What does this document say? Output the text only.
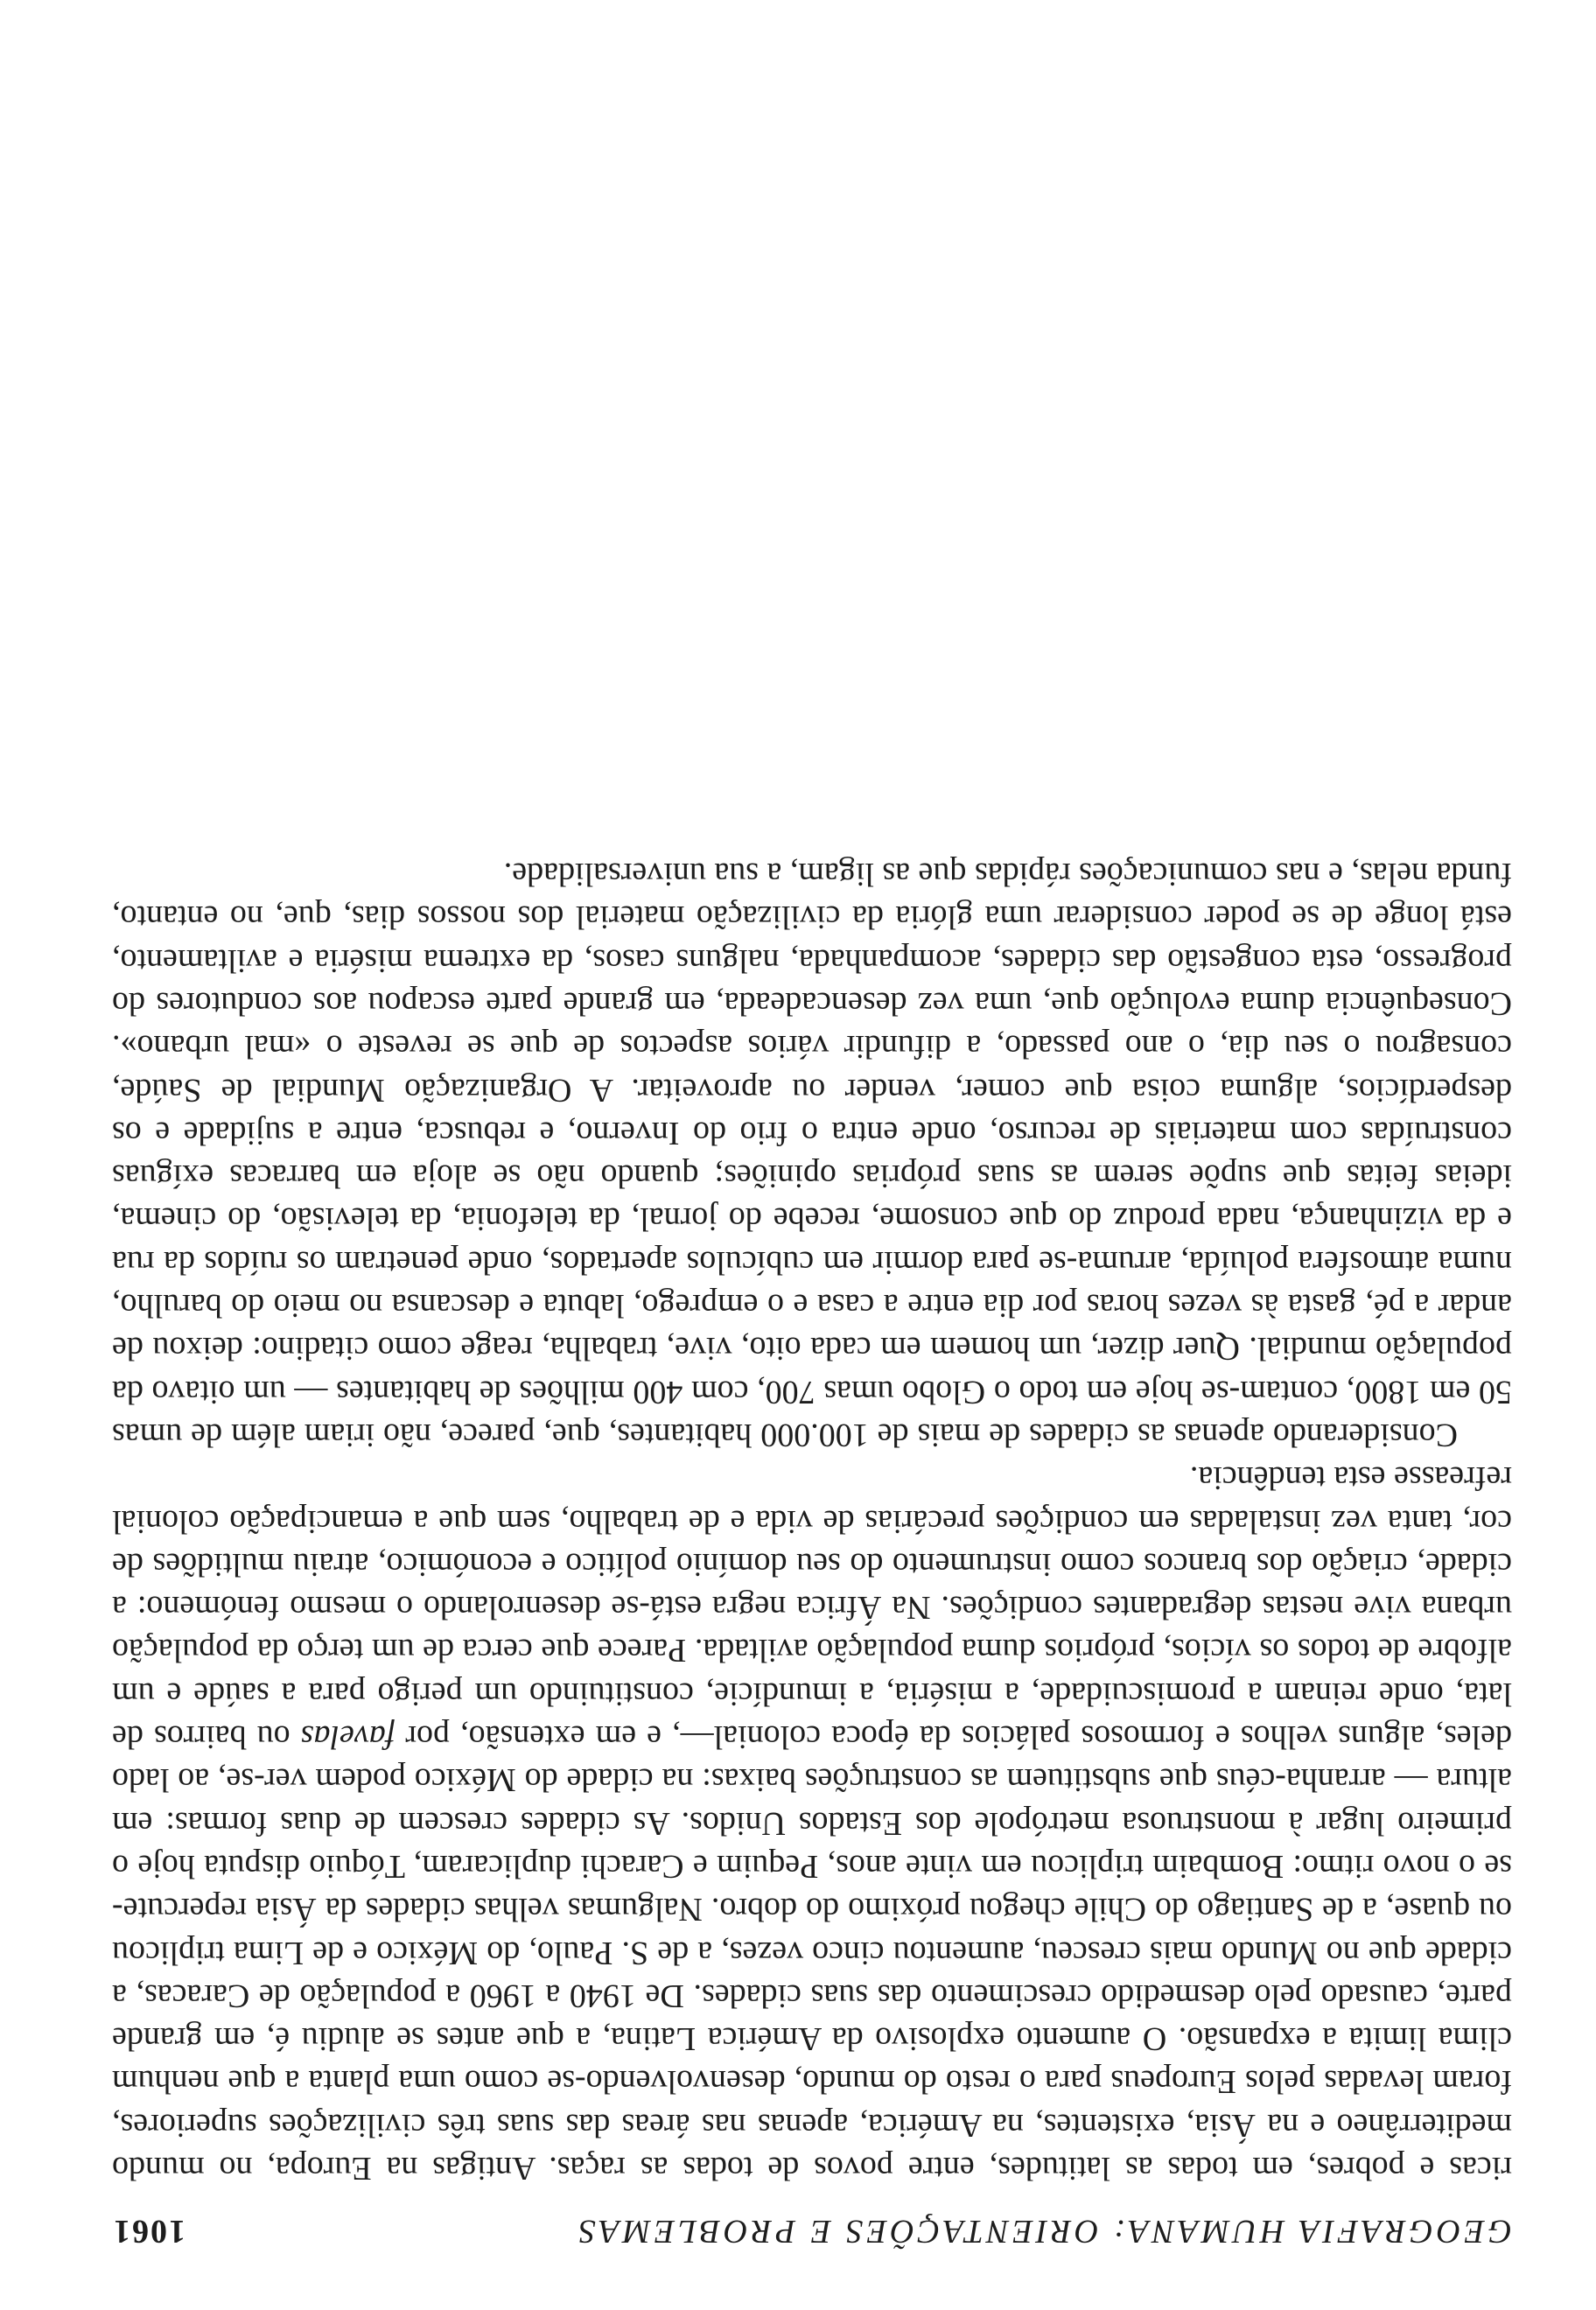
GEOGRAFIA HUMANA: ORIENTAÇÕES E PROBLEMAS
1061

ricas e pobres, em todas as latitudes, entre povos de todas as raças. Antigas na Europa, no mundo mediterrâneo e na Ásia, existentes, na América, apenas nas áreas das suas três civilizações superiores, foram levadas pelos Europeus para o resto do mundo, desenvolvendo-se como uma planta a que nenhum clima limita a expansão. O aumento explosivo da América Latina, a que antes se aludiu é, em grande parte, causado pelo desmedido crescimento das suas cidades. De 1940 a 1960 a população de Caracas, a cidade que no Mundo mais cresceu, aumentou cinco vezes, a de S. Paulo, do México e de Lima triplicou ou quase, a de Santiago do Chile chegou próximo do dobro. Nalgumas velhas cidades da Ásia repercute-se o novo ritmo: Bombaim triplicou em vinte anos, Pequim e Carachi duplicaram, Tóquio disputa hoje o primeiro lugar à monstruosa metrópole dos Estados Unidos. As cidades crescem de duas formas: em altura — arranha-céus que substituem as construções baixas: na cidade do México podem ver-se, ao lado deles, alguns velhos e formosos palácios da época colonial—, e em extensão, por favelas ou bairros de lata, onde reinam a promiscuidade, a miséria, a imundície, constituindo um perigo para a saúde e um alfobre de todos os vícios, próprios duma população aviltada. Parece que cerca de um terço da população urbana vive nestas degradantes condições. Na África negra está-se desenrolando o mesmo fenómeno: a cidade, criação dos brancos como instrumento do seu domínio político e económico, atraiu multidões de cor, tanta vez instaladas em condições precárias de vida e de trabalho, sem que a emancipação colonial refreasse esta tendência.

Considerando apenas as cidades de mais de 100.000 habitantes, que, parece, não iriam além de umas 50 em 1800, contam-se hoje em todo o Globo umas 700, com 400 milhões de habitantes — um oitavo da população mundial. Quer dizer, um homem em cada oito, vive, trabalha, reage como citadino: deixou de andar a pé, gasta às vezes horas por dia entre a casa e o emprego, labuta e descansa no meio do barulho, numa atmosfera poluída, arruma-se para dormir em cubículos apertados, onde penetram os ruídos da rua e da vizinhança, nada produz do que consome, recebe do jornal, da telefonia, da televisão, do cinema, ideias feitas que supõe serem as suas próprias opiniões; quando não se aloja em barracas exíguas construídas com materiais de recurso, onde entra o frio do Inverno, e rebusca, entre a sujidade e os desperdícios, alguma coisa que comer, vender ou aproveitar. A Organização Mundial de Saúde, consagrou o seu dia, o ano passado, a difundir vários aspectos de que se reveste o «mal urbano». Consequência duma evolução que, uma vez desencadeada, em grande parte escapou aos condutores do progresso, esta congestão das cidades, acompanhada, nalguns casos, da extrema miséria e aviltamento, está longe de se poder considerar uma glória da civilização material dos nossos dias, que, no entanto, funda nelas, e nas comunicações rápidas que as ligam, a sua universalidade.
